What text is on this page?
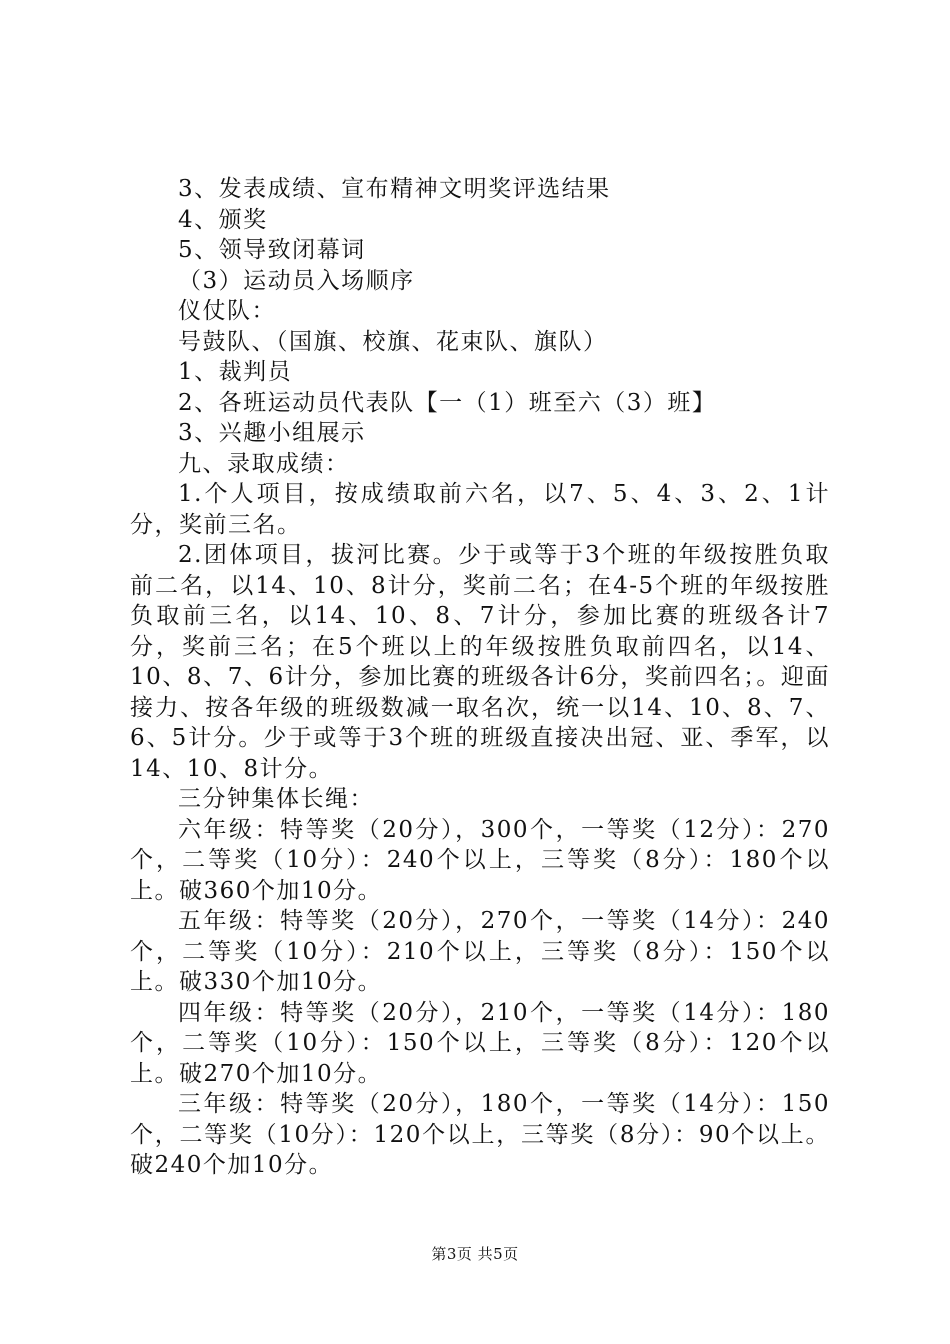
3、发表成绩、宣布精神文明奖评选结果

4、颁奖

5、领导致闭幕词

（3）运动员入场顺序

仪仗队：

号鼓队、（国旗、校旗、花束队、旗队）

1、裁判员

2、各班运动员代表队【一（1）班至六（3）班】

3、兴趣小组展示

九、录取成绩：

1.个人项目，按成绩取前六名，以7、5、4、3、2、1计分，奖前三名。

2.团体项目，拔河比赛。少于或等于3个班的年级按胜负取前二名，以14、10、8计分，奖前二名；在4-5个班的年级按胜负取前三名，以14、10、8、7计分，参加比赛的班级各计7分，奖前三名；在5个班以上的年级按胜负取前四名，以14、10、8、7、6计分，参加比赛的班级各计6分，奖前四名；。迎面接力、按各年级的班级数减一取名次，统一以14、10、8、7、6、5计分。少于或等于3个班的班级直接决出冠、亚、季军，以14、10、8计分。

三分钟集体长绳：

六年级：特等奖（20分），300个，一等奖（12分）：270个，二等奖（10分）：240个以上，三等奖（8分）：180个以上。破360个加10分。

五年级：特等奖（20分），270个，一等奖（14分）：240个，二等奖（10分）：210个以上，三等奖（8分）：150个以上。破330个加10分。

四年级：特等奖（20分），210个，一等奖（14分）：180个，二等奖（10分）：150个以上，三等奖（8分）：120个以上。破270个加10分。

三年级：特等奖（20分），180个，一等奖（14分）：150个，二等奖（10分）：120个以上，三等奖（8分）：90个以上。破240个加10分。

第3页 共5页
